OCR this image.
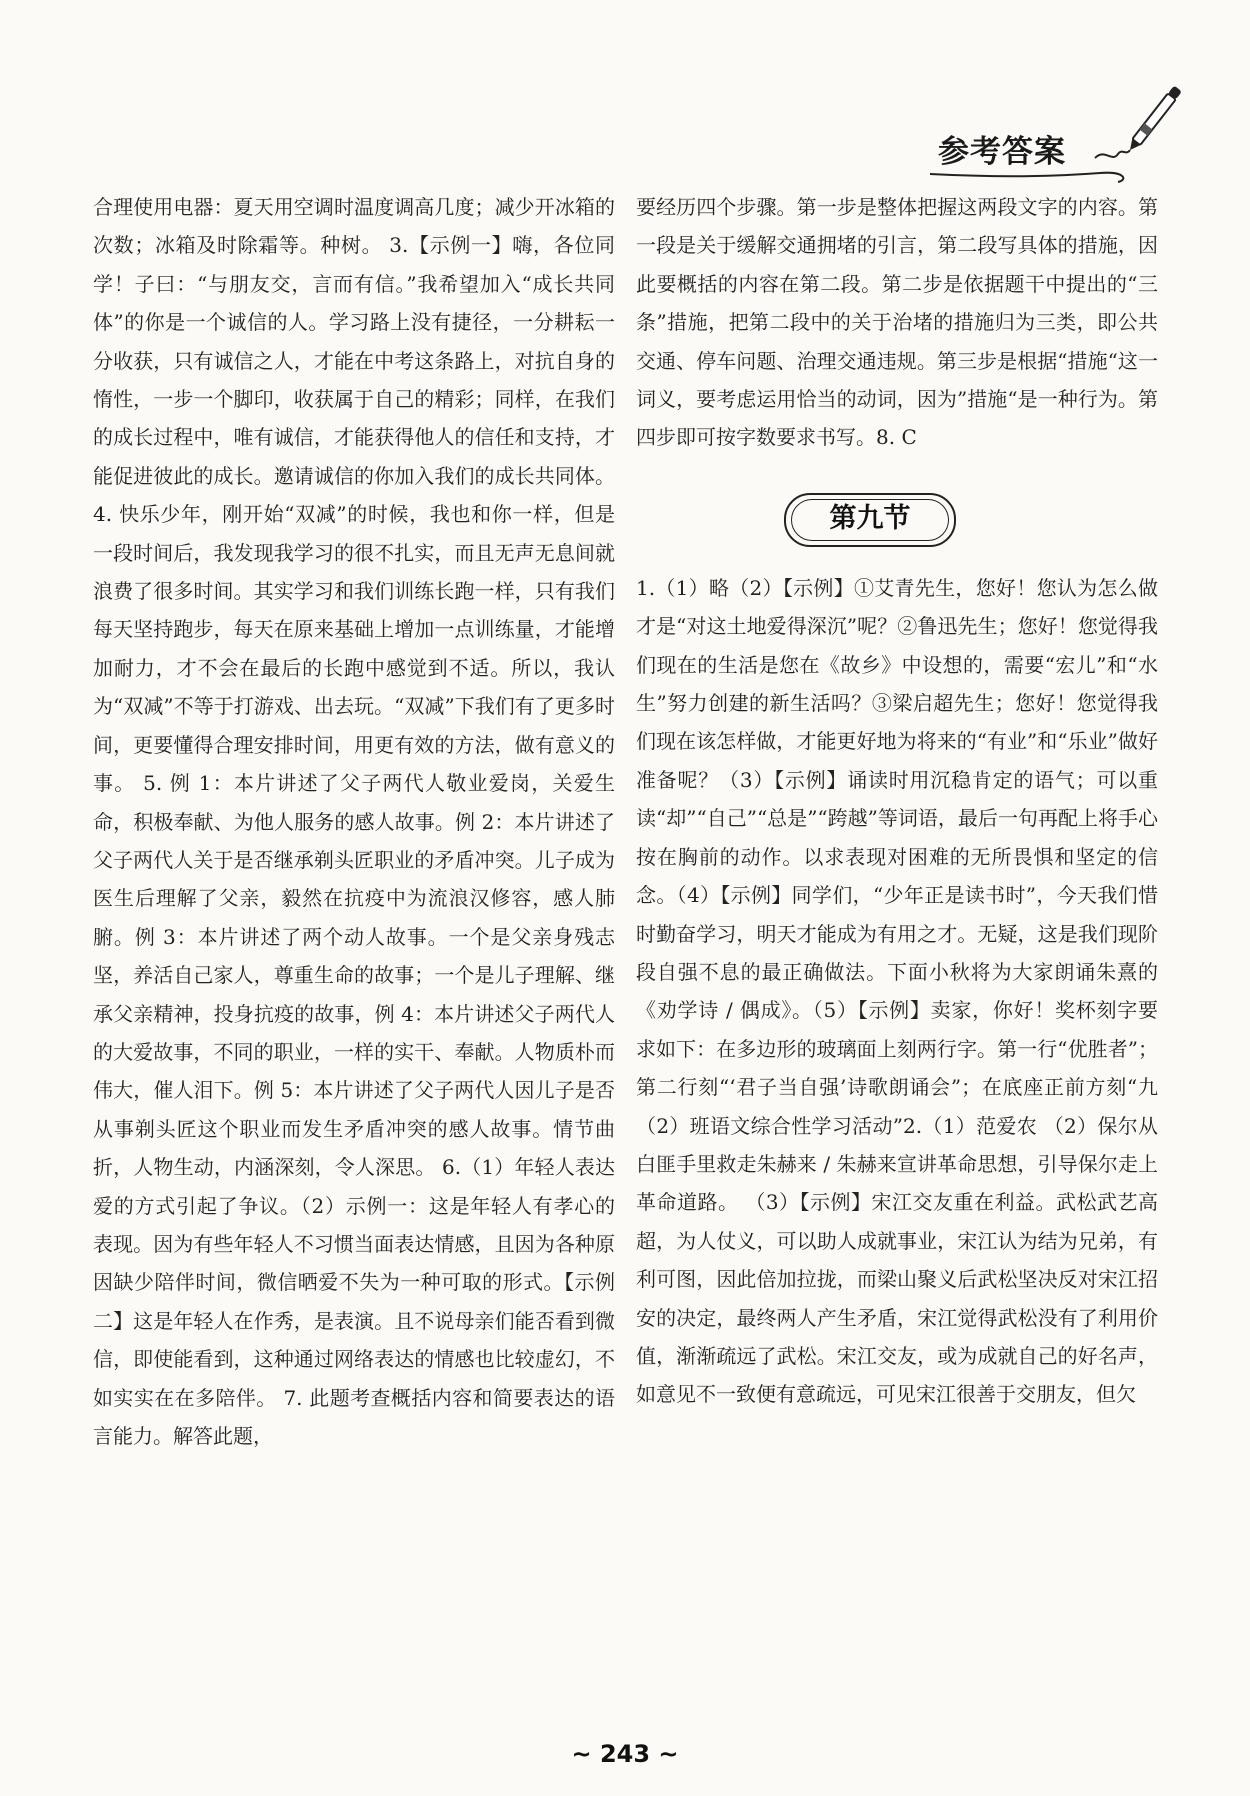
参考答案
合理使用电器：夏天用空调时温度调高几度；减少开冰箱的次数；冰箱及时除霜等。种树。 3.【示例一】嗨，各位同学！子曰：“与朋友交，言而有信。”我希望加入“成长共同体”的你是一个诚信的人。学习路上没有捷径，一分耕耘一分收获，只有诚信之人，才能在中考这条路上，对抗自身的惰性，一步一个脚印，收获属于自己的精彩；同样，在我们的成长过程中，唯有诚信，才能获得他人的信任和支持，才能促进彼此的成长。邀请诚信的你加入我们的成长共同体。 4. 快乐少年，刚开始“双减”的时候，我也和你一样，但是一段时间后，我发现我学习的很不扎实，而且无声无息间就浪费了很多时间。其实学习和我们训练长跑一样，只有我们每天坚持跑步，每天在原来基础上增加一点训练量，才能增加耐力，才不会在最后的长跑中感觉到不适。所以，我认为“双减”不等于打游戏、出去玩。“双减”下我们有了更多时间，更要懂得合理安排时间，用更有效的方法，做有意义的事。 5. 例 1：本片讲述了父子两代人敬业爱岗，关爱生命，积极奉献、为他人服务的感人故事。例 2：本片讲述了父子两代人关于是否继承剃头匠职业的矛盾冲突。儿子成为医生后理解了父亲，毅然在抗疫中为流浪汉修容，感人肺腑。例 3：本片讲述了两个动人故事。一个是父亲身残志坚，养活自己家人，尊重生命的故事；一个是儿子理解、继承父亲精神，投身抗疫的故事，例 4：本片讲述父子两代人的大爱故事，不同的职业，一样的实干、奉献。人物质朴而伟大，催人泪下。例 5：本片讲述了父子两代人因儿子是否从事剃头匠这个职业而发生矛盾冲突的感人故事。情节曲折，人物生动，内涵深刻，令人深思。 6.（1）年轻人表达爱的方式引起了争议。（2）示例一：这是年轻人有孝心的表现。因为有些年轻人不习惯当面表达情感，且因为各种原因缺少陪伴时间，微信晒爱不失为一种可取的形式。【示例二】这是年轻人在作秀，是表演。且不说母亲们能否看到微信，即使能看到，这种通过网络表达的情感也比较虚幻，不如实实在在多陪伴。 7. 此题考查概括内容和简要表达的语言能力。解答此题，
要经历四个步骤。第一步是整体把握这两段文字的内容。第一段是关于缓解交通拥堵的引言，第二段写具体的措施，因此要概括的内容在第二段。第二步是依据题干中提出的“三条”措施，把第二段中的关于治堵的措施归为三类，即公共交通、停车问题、治理交通违规。第三步是根据“措施“这一词义，要考虑运用恰当的动词，因为”措施“是一种行为。第四步即可按字数要求书写。8. C
第九节
1.（1）略（2）【示例】①艾青先生，您好！您认为怎么做才是“对这土地爱得深沉”呢？②鲁迅先生；您好！您觉得我们现在的生活是您在《故乡》中设想的，需要“宏儿”和“水生”努力创建的新生活吗？③梁启超先生；您好！您觉得我们现在该怎样做，才能更好地为将来的“有业”和“乐业”做好准备呢？（3）【示例】诵读时用沉稳肯定的语气；可以重读“却”“自己”“总是”“跨越”等词语，最后一句再配上将手心按在胸前的动作。以求表现对困难的无所畏惧和坚定的信念。（4）【示例】同学们，“少年正是读书时”，今天我们惜时勤奋学习，明天才能成为有用之才。无疑，这是我们现阶段自强不息的最正确做法。下面小秋将为大家朗诵朱熹的《劝学诗 / 偶成》。（5）【示例】卖家，你好！奖杯刻字要求如下：在多边形的玻璃面上刻两行字。第一行“优胜者”；第二行刻“‘君子当自强’诗歌朗诵会”；在底座正前方刻“九（2）班语文综合性学习活动”2.（1）范爱农 （2）保尔从白匪手里救走朱赫来 / 朱赫来宣讲革命思想，引导保尔走上革命道路。 （3）【示例】宋江交友重在利益。武松武艺高超，为人仗义，可以助人成就事业，宋江认为结为兄弟，有利可图，因此倍加拉拢，而梁山聚义后武松坚决反对宋江招安的决定，最终两人产生矛盾，宋江觉得武松没有了利用价值，渐渐疏远了武松。宋江交友，或为成就自己的好名声，如意见不一致便有意疏远，可见宋江很善于交朋友，但欠
~ 243 ~
